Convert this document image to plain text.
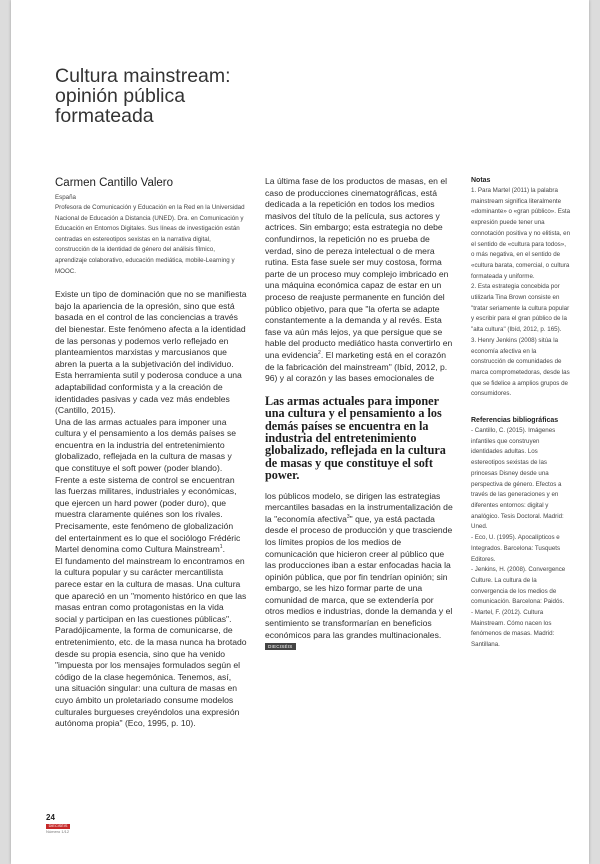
Cultura mainstream:
opinión pública
formateada
Carmen Cantillo Valero
España
Profesora de Comunicación y Educación en la Red en la Universidad Nacional de Educación a Distancia (UNED). Dra. en Comunicación y Educación en Entornos Digitales. Sus líneas de investigación están centradas en estereotipos sexistas en la narrativa digital, construcción de la identidad de género del análisis fílmico, aprendizaje colaborativo, educación mediática, mobile-Learning y MOOC.

Existe un tipo de dominación que no se manifiesta bajo la apariencia de la opresión, sino que está basada en el control de las conciencias a través del bienestar. Este fenómeno afecta a la identidad de las personas y podemos verlo reflejado en planteamientos marxistas y marcusianos que abren la puerta a la subjetivación del individuo. Esta herramienta sutil y poderosa conduce a una adaptabilidad conformista y a la creación de identidades pasivas y cada vez más endebles (Cantillo, 2015).

Una de las armas actuales para imponer una cultura y el pensamiento a los demás países se encuentra en la industria del entretenimiento globalizado, reflejada en la cultura de masas y que constituye el soft power (poder blando). Frente a este sistema de control se encuentran las fuerzas militares, industriales y económicas, que ejercen un hard power (poder duro), que muestra claramente quiénes son los rivales. Precisamente, este fenómeno de globalización del entertainment es lo que el sociólogo Frédéric Martel denomina como Cultura Mainstream$^1$.

El fundamento del mainstream lo encontramos en la cultura popular y su carácter mercantilista parece estar en la cultura de masas. Una cultura que apareció en un "momento histórico en que las masas entran como protagonistas en la vida social y participan en las cuestiones públicas". Paradójicamente, la forma de comunicarse, de entretenimiento, etc. de la masa nunca ha brotado desde su propia esencia, sino que ha venido "impuesta por los mensajes formulados según el código de la clase hegemónica. Tenemos, así, una situación singular: una cultura de masas en cuyo ámbito un proletariado consume modelos culturales burgueses creyéndolos una expresión autónoma propia" (Eco, 1995, p. 10).

La última fase de los productos de masas, en el caso de producciones cinematográficas, está dedicada a la repetición en todos los medios masivos del título de la película, sus actores y actrices. Sin embargo; esta estrategia no debe confundirnos, la repetición no es prueba de verdad, sino de pereza intelectual o de mera rutina. Esta fase suele ser muy costosa, forma parte de un proceso muy complejo imbricado en una máquina económica capaz de estar en un proceso de reajuste permanente en función del público objetivo, para que "la oferta se adapte constantemente a la demanda y al revés. Esta fase va aún más lejos, ya que persigue que se hable del producto mediático hasta convertirlo en una evidencia$^2$. El marketing está en el corazón de la fabricación del mainstream" (Ibíd, 2012, p. 96) y al corazón y las bases emocionales de

Las armas actuales para imponer una cultura y el pensamiento a los demás países se encuentra en la industria del entretenimiento globalizado, reflejada en la cultura de masas y que constituye el soft power.

los públicos modelo, se dirigen las estrategias mercantiles basadas en la instrumentalización de la "economía afectiva$^3$" que, ya está pactada desde el proceso de producción y que trasciende los límites propios de los medios de comunicación que hicieron creer al público que las producciones iban a estar enfocadas hacia la opinión pública, que por fin tendrían opinión; sin embargo, se les hizo formar parte de una comunidad de marca, que se extendería por otros medios e industrias, donde la demanda y el sentimiento se transformarían en beneficios económicos para las grandes multinacionales. DIECISÉIS

Notas

1. Para Martel (2011) la palabra mainstream significa literalmente «dominante» o «gran público». Esta expresión puede tener una connotación positiva y no elitista, en el sentido de «cultura para todos», o más negativa, en el sentido de «cultura barata, comercial, o cultura formateada y uniforme.

2. Esta estrategia concebida por utilizarla Tina Brown consiste en "tratar seriamente la cultura popular y escribir para el gran público de la "alta cultura" (Ibíd, 2012, p. 165).

3. Henry Jenkins (2008) sitúa la economía afectiva en la construcción de comunidades de marca comprometedoras, desde las que se fidelice a amplios grupos de consumidores.

Referencias bibliográficas

- Cantillo, C. (2015). Imágenes infantiles que construyen identidades adultas. Los estereotipos sexistas de las princesas Disney desde una perspectiva de género. Efectos a través de las generaciones y en diferentes entornos: digital y analógico. Tesis Doctoral. Madrid: Uned.

- Eco, U. (1995). Apocalípticos e Integrados. Barcelona: Tusquets Editores.

- Jenkins, H. (2008). Convergence Culture. La cultura de la convergencia de los medios de comunicación. Barcelona: Paidós.

- Martel, F. (2012). Cultura Mainstream. Cómo nacen los fenómenos de masas. Madrid: Santillana.

24
DIECISÉIS
Número 1/12
